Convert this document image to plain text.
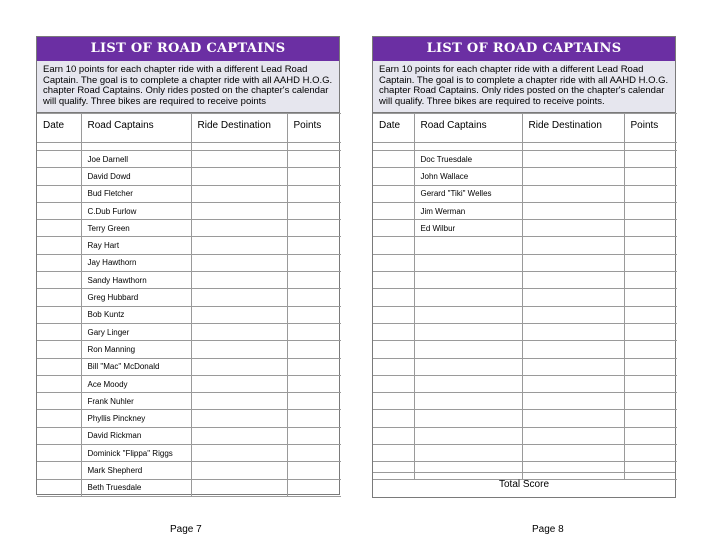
LIST OF ROAD CAPTAINS
Earn 10 points for each chapter ride with a different Lead Road Captain. The goal is to complete a chapter ride with all AAHD H.O.G. chapter Road Captains. Only rides posted on the chapter's calendar will qualify. Three bikes are required to receive points
Date	Road Captains	Ride Destination	Points

	Joe Darnell		
	David Dowd		
	Bud Fletcher		
	C.Dub Furlow		
	Terry Green		
	Ray Hart		
	Jay Hawthorn		
	Sandy Hawthorn		
	Greg Hubbard		
	Bob Kuntz		
	Gary Linger		
	Ron Manning		
	Bill "Mac" McDonald		
	Ace Moody		
	Frank Nuhler		
	Phyllis Pinckney		
	David Rickman		
	Dominick "Flippa" Riggs		
	Mark Shepherd		
	Beth Truesdale		
LIST OF ROAD CAPTAINS
Earn 10 points for each chapter ride with a different Lead Road Captain. The goal is to complete a chapter ride with all AAHD H.O.G. chapter Road Captains. Only rides posted on the chapter's calendar will qualify. Three bikes are required to receive points.
Date	Road Captains	Ride Destination	Points

	Doc Truesdale		
	John Wallace		
	Gerard "Tiki" Welles		
	Jim Werman		
	Ed Wilbur		

Total Score
Page 7	Page 8
